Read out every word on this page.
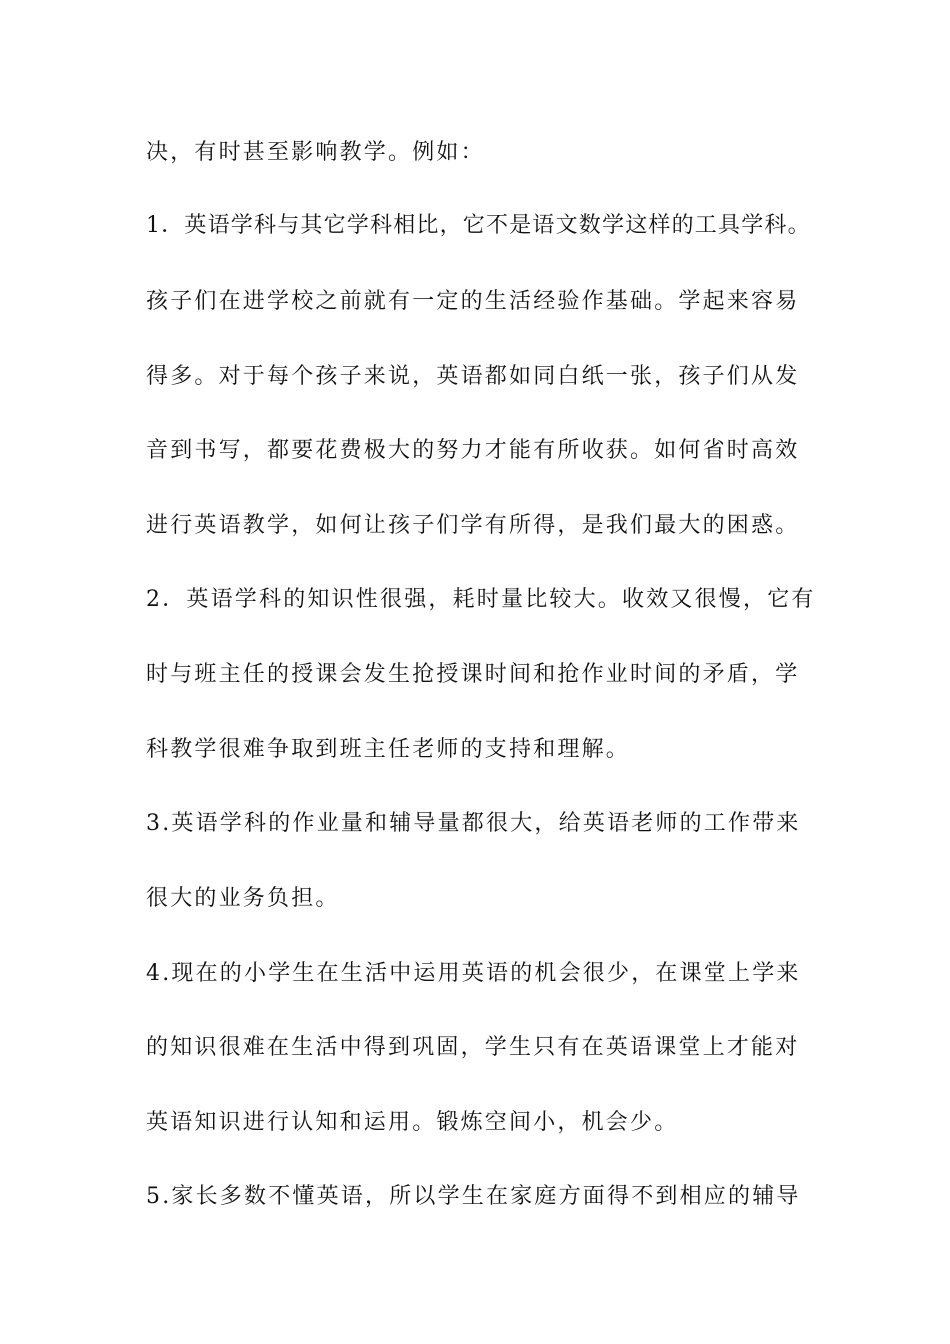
决，有时甚至影响教学。例如：
1．英语学科与其它学科相比，它不是语文数学这样的工具学科。
孩子们在进学校之前就有一定的生活经验作基础。学起来容易
得多。对于每个孩子来说，英语都如同白纸一张，孩子们从发
音到书写，都要花费极大的努力才能有所收获。如何省时高效
进行英语教学，如何让孩子们学有所得，是我们最大的困惑。
2．英语学科的知识性很强，耗时量比较大。收效又很慢，它有
时与班主任的授课会发生抢授课时间和抢作业时间的矛盾，学
科教学很难争取到班主任老师的支持和理解。
3.英语学科的作业量和辅导量都很大，给英语老师的工作带来
很大的业务负担。
4.现在的小学生在生活中运用英语的机会很少，在课堂上学来
的知识很难在生活中得到巩固，学生只有在英语课堂上才能对
英语知识进行认知和运用。锻炼空间小，机会少。
5.家长多数不懂英语，所以学生在家庭方面得不到相应的辅导
